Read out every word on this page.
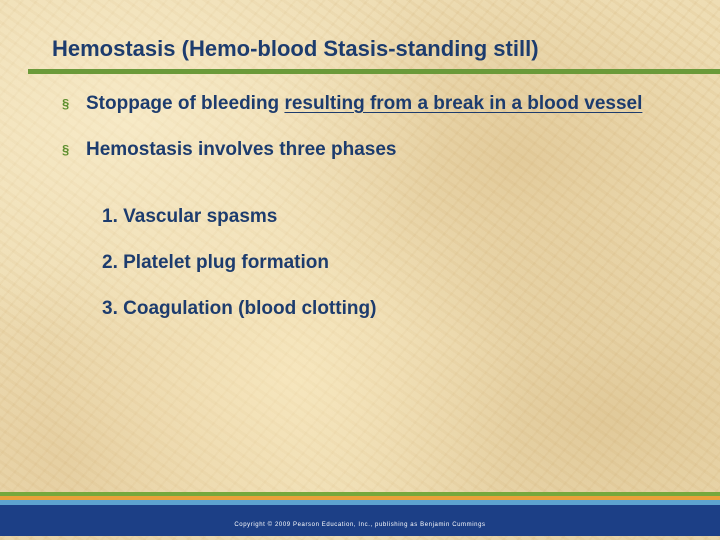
Hemostasis (Hemo-blood Stasis-standing still)
§ Stoppage of bleeding resulting from a break in a blood vessel
§ Hemostasis involves three phases
1. Vascular spasms
2. Platelet plug formation
3. Coagulation (blood clotting)
Copyright © 2009 Pearson Education, Inc., publishing as Benjamin Cummings
